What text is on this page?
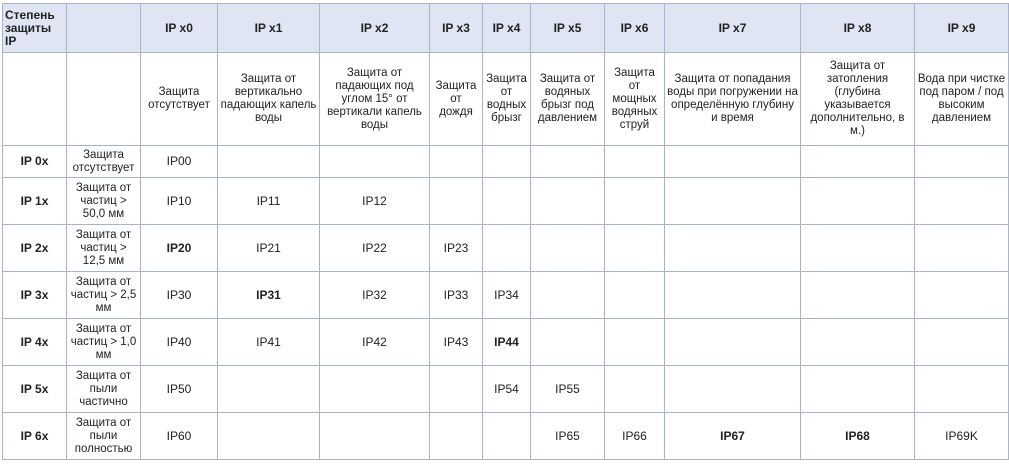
Степень защиты IP		IP x0	IP x1	IP x2	IP x3	IP x4	IP x5	IP x6	IP x7	IP x8	IP x9
		Защита отсутствует	Защита от вертикально падающих капель воды	Защита от падающих под углом 15° от вертикали капель воды	Защита от дождя	Защита от водных брызг	Защита от водяных брызг под давлением	Защита от мощных водяных струй	Защита от попадания воды при погружении на определённую глубину и время	Защита от затопления (глубина указывается дополнительно, в м.)	Вода при чистке под паром / под высоким давлением
IP 0x	Защита отсутствует	IP00									
IP 1x	Защита от частиц > 50,0 мм	IP10	IP11	IP12							
IP 2x	Защита от частиц > 12,5 мм	IP20	IP21	IP22	IP23						
IP 3x	Защита от частиц > 2,5 мм	IP30	IP31	IP32	IP33	IP34					
IP 4x	Защита от частиц > 1,0 мм	IP40	IP41	IP42	IP43	IP44					
IP 5x	Защита от пыли частично	IP50				IP54	IP55				
IP 6x	Защита от пыли полностью	IP60					IP65	IP66	IP67	IP68	IP69K
